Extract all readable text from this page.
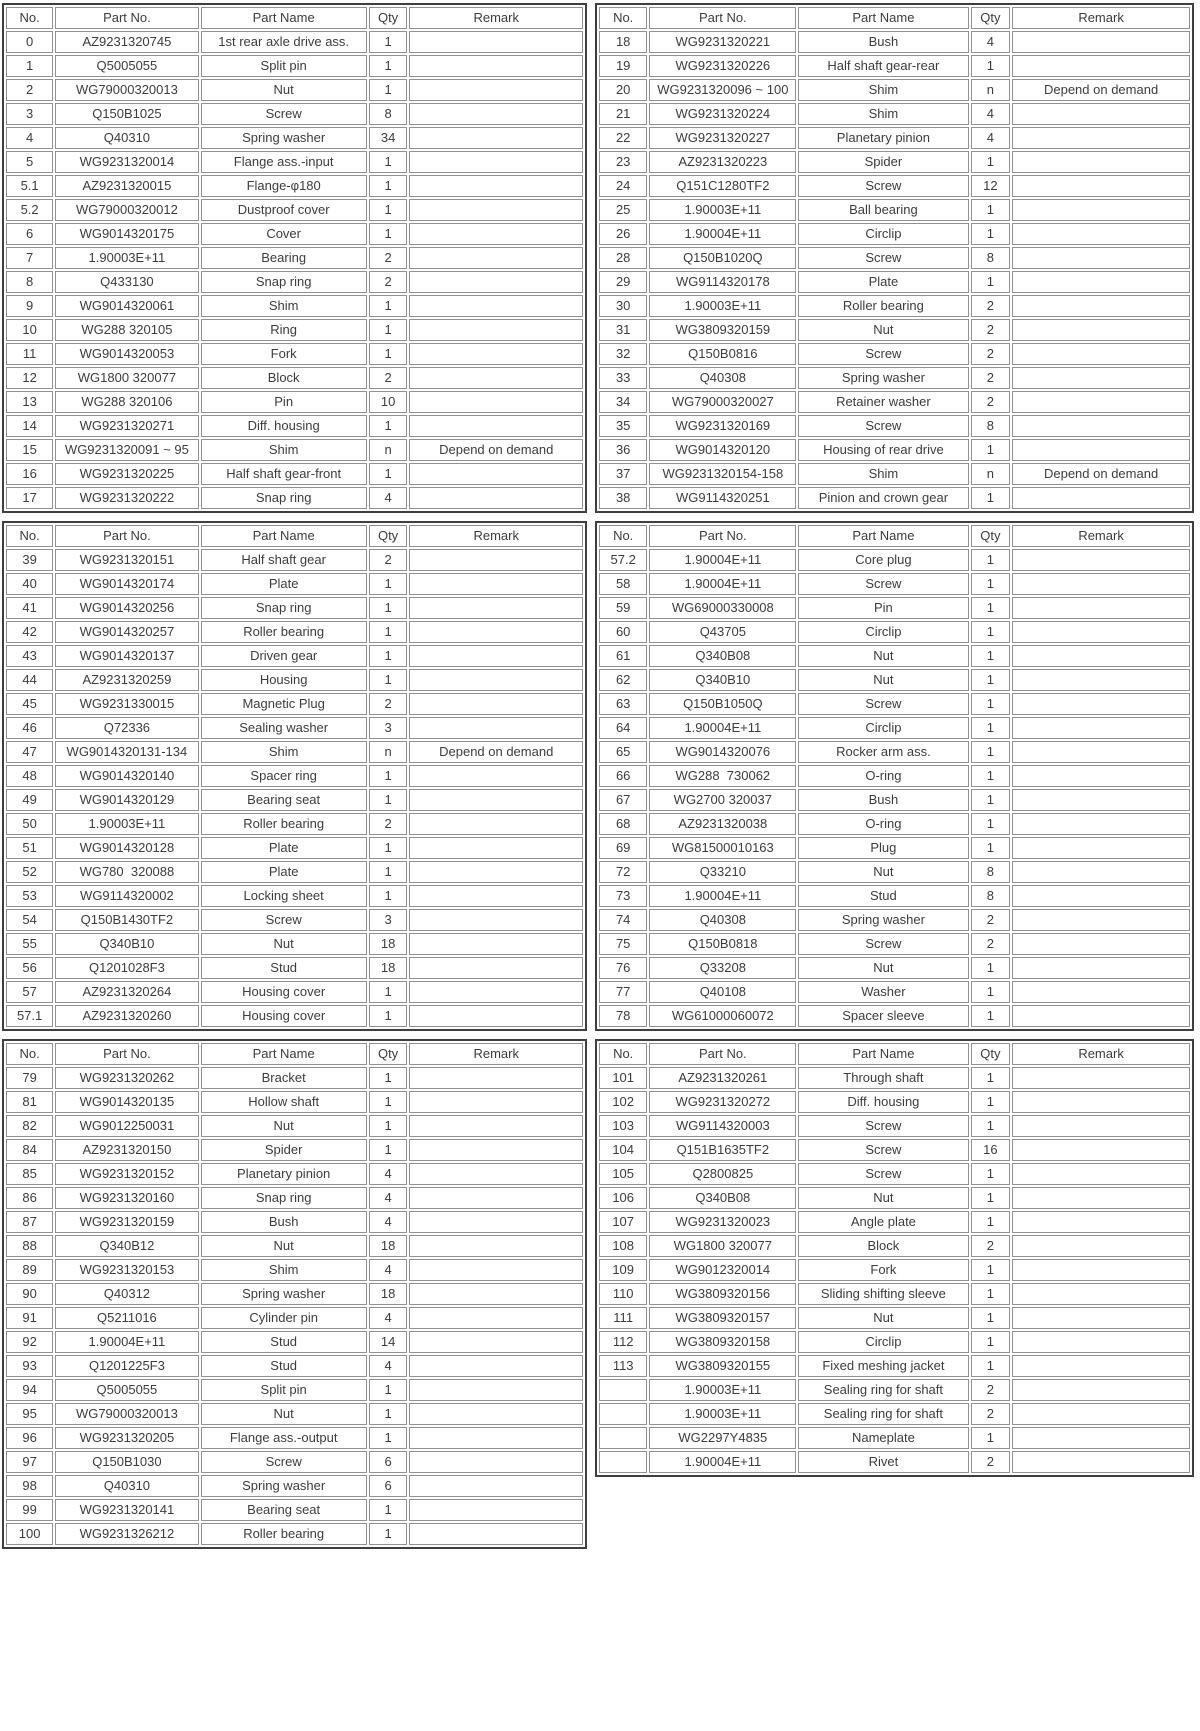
No.	Part No.	Part Name	Qty	Remark
0	AZ9231320745	1st rear axle drive ass.	1	
1	Q5005055	Split pin	1	
2	WG79000320013	Nut	1	
3	Q150B1025	Screw	8	
4	Q40310	Spring washer	34	
5	WG9231320014	Flange ass.-input	1	
5.1	AZ9231320015	Flange-φ180	1	
5.2	WG79000320012	Dustproof cover	1	
6	WG9014320175	Cover	1	
7	1.90003E+11	Bearing	2	
8	Q433130	Snap ring	2	
9	WG9014320061	Shim	1	
10	WG288 320105	Ring	1	
11	WG9014320053	Fork	1	
12	WG1800 320077	Block	2	
13	WG288 320106	Pin	10	
14	WG9231320271	Diff. housing	1	
15	WG9231320091 ~ 95	Shim	n	Depend on demand
16	WG9231320225	Half shaft gear-front	1	
17	WG9231320222	Snap ring	4	
No.	Part No.	Part Name	Qty	Remark
18	WG9231320221	Bush	4	
19	WG9231320226	Half shaft gear-rear	1	
20	WG9231320096 ~ 100	Shim	n	Depend on demand
21	WG9231320224	Shim	4	
22	WG9231320227	Planetary pinion	4	
23	AZ9231320223	Spider	1	
24	Q151C1280TF2	Screw	12	
25	1.90003E+11	Ball bearing	1	
26	1.90004E+11	Circlip	1	
28	Q150B1020Q	Screw	8	
29	WG9114320178	Plate	1	
30	1.90003E+11	Roller bearing	2	
31	WG3809320159	Nut	2	
32	Q150B0816	Screw	2	
33	Q40308	Spring washer	2	
34	WG79000320027	Retainer washer	2	
35	WG9231320169	Screw	8	
36	WG9014320120	Housing of rear drive	1	
37	WG9231320154-158	Shim	n	Depend on demand
38	WG9114320251	Pinion and crown gear	1	
No.	Part No.	Part Name	Qty	Remark
39	WG9231320151	Half shaft gear	2	
40	WG9014320174	Plate	1	
41	WG9014320256	Snap ring	1	
42	WG9014320257	Roller bearing	1	
43	WG9014320137	Driven gear	1	
44	AZ9231320259	Housing	1	
45	WG9231330015	Magnetic Plug	2	
46	Q72336	Sealing washer	3	
47	WG9014320131-134	Shim	n	Depend on demand
48	WG9014320140	Spacer ring	1	
49	WG9014320129	Bearing seat	1	
50	1.90003E+11	Roller bearing	2	
51	WG9014320128	Plate	1	
52	WG780  320088	Plate	1	
53	WG9114320002	Locking sheet	1	
54	Q150B1430TF2	Screw	3	
55	Q340B10	Nut	18	
56	Q1201028F3	Stud	18	
57	AZ9231320264	Housing cover	1	
57.1	AZ9231320260	Housing cover	1	
No.	Part No.	Part Name	Qty	Remark
57.2	1.90004E+11	Core plug	1	
58	1.90004E+11	Screw	1	
59	WG69000330008	Pin	1	
60	Q43705	Circlip	1	
61	Q340B08	Nut	1	
62	Q340B10	Nut	1	
63	Q150B1050Q	Screw	1	
64	1.90004E+11	Circlip	1	
65	WG9014320076	Rocker arm ass.	1	
66	WG288  730062	O-ring	1	
67	WG2700 320037	Bush	1	
68	AZ9231320038	O-ring	1	
69	WG81500010163	Plug	1	
72	Q33210	Nut	8	
73	1.90004E+11	Stud	8	
74	Q40308	Spring washer	2	
75	Q150B0818	Screw	2	
76	Q33208	Nut	1	
77	Q40108	Washer	1	
78	WG61000060072	Spacer sleeve	1	
No.	Part No.	Part Name	Qty	Remark
79	WG9231320262	Bracket	1	
81	WG9014320135	Hollow shaft	1	
82	WG9012250031	Nut	1	
84	AZ9231320150	Spider	1	
85	WG9231320152	Planetary pinion	4	
86	WG9231320160	Snap ring	4	
87	WG9231320159	Bush	4	
88	Q340B12	Nut	18	
89	WG9231320153	Shim	4	
90	Q40312	Spring washer	18	
91	Q5211016	Cylinder pin	4	
92	1.90004E+11	Stud	14	
93	Q1201225F3	Stud	4	
94	Q5005055	Split pin	1	
95	WG79000320013	Nut	1	
96	WG9231320205	Flange ass.-output	1	
97	Q150B1030	Screw	6	
98	Q40310	Spring washer	6	
99	WG9231320141	Bearing seat	1	
100	WG9231326212	Roller bearing	1	
No.	Part No.	Part Name	Qty	Remark
101	AZ9231320261	Through shaft	1	
102	WG9231320272	Diff. housing	1	
103	WG9114320003	Screw	1	
104	Q151B1635TF2	Screw	16	
105	Q2800825	Screw	1	
106	Q340B08	Nut	1	
107	WG9231320023	Angle plate	1	
108	WG1800 320077	Block	2	
109	WG9012320014	Fork	1	
110	WG3809320156	Sliding shifting sleeve	1	
111	WG3809320157	Nut	1	
112	WG3809320158	Circlip	1	
113	WG3809320155	Fixed meshing jacket	1	
	1.90003E+11	Sealing ring for shaft	2	
	1.90003E+11	Sealing ring for shaft	2	
	WG2297Y4835	Nameplate	1	
	1.90004E+11	Rivet	2	
